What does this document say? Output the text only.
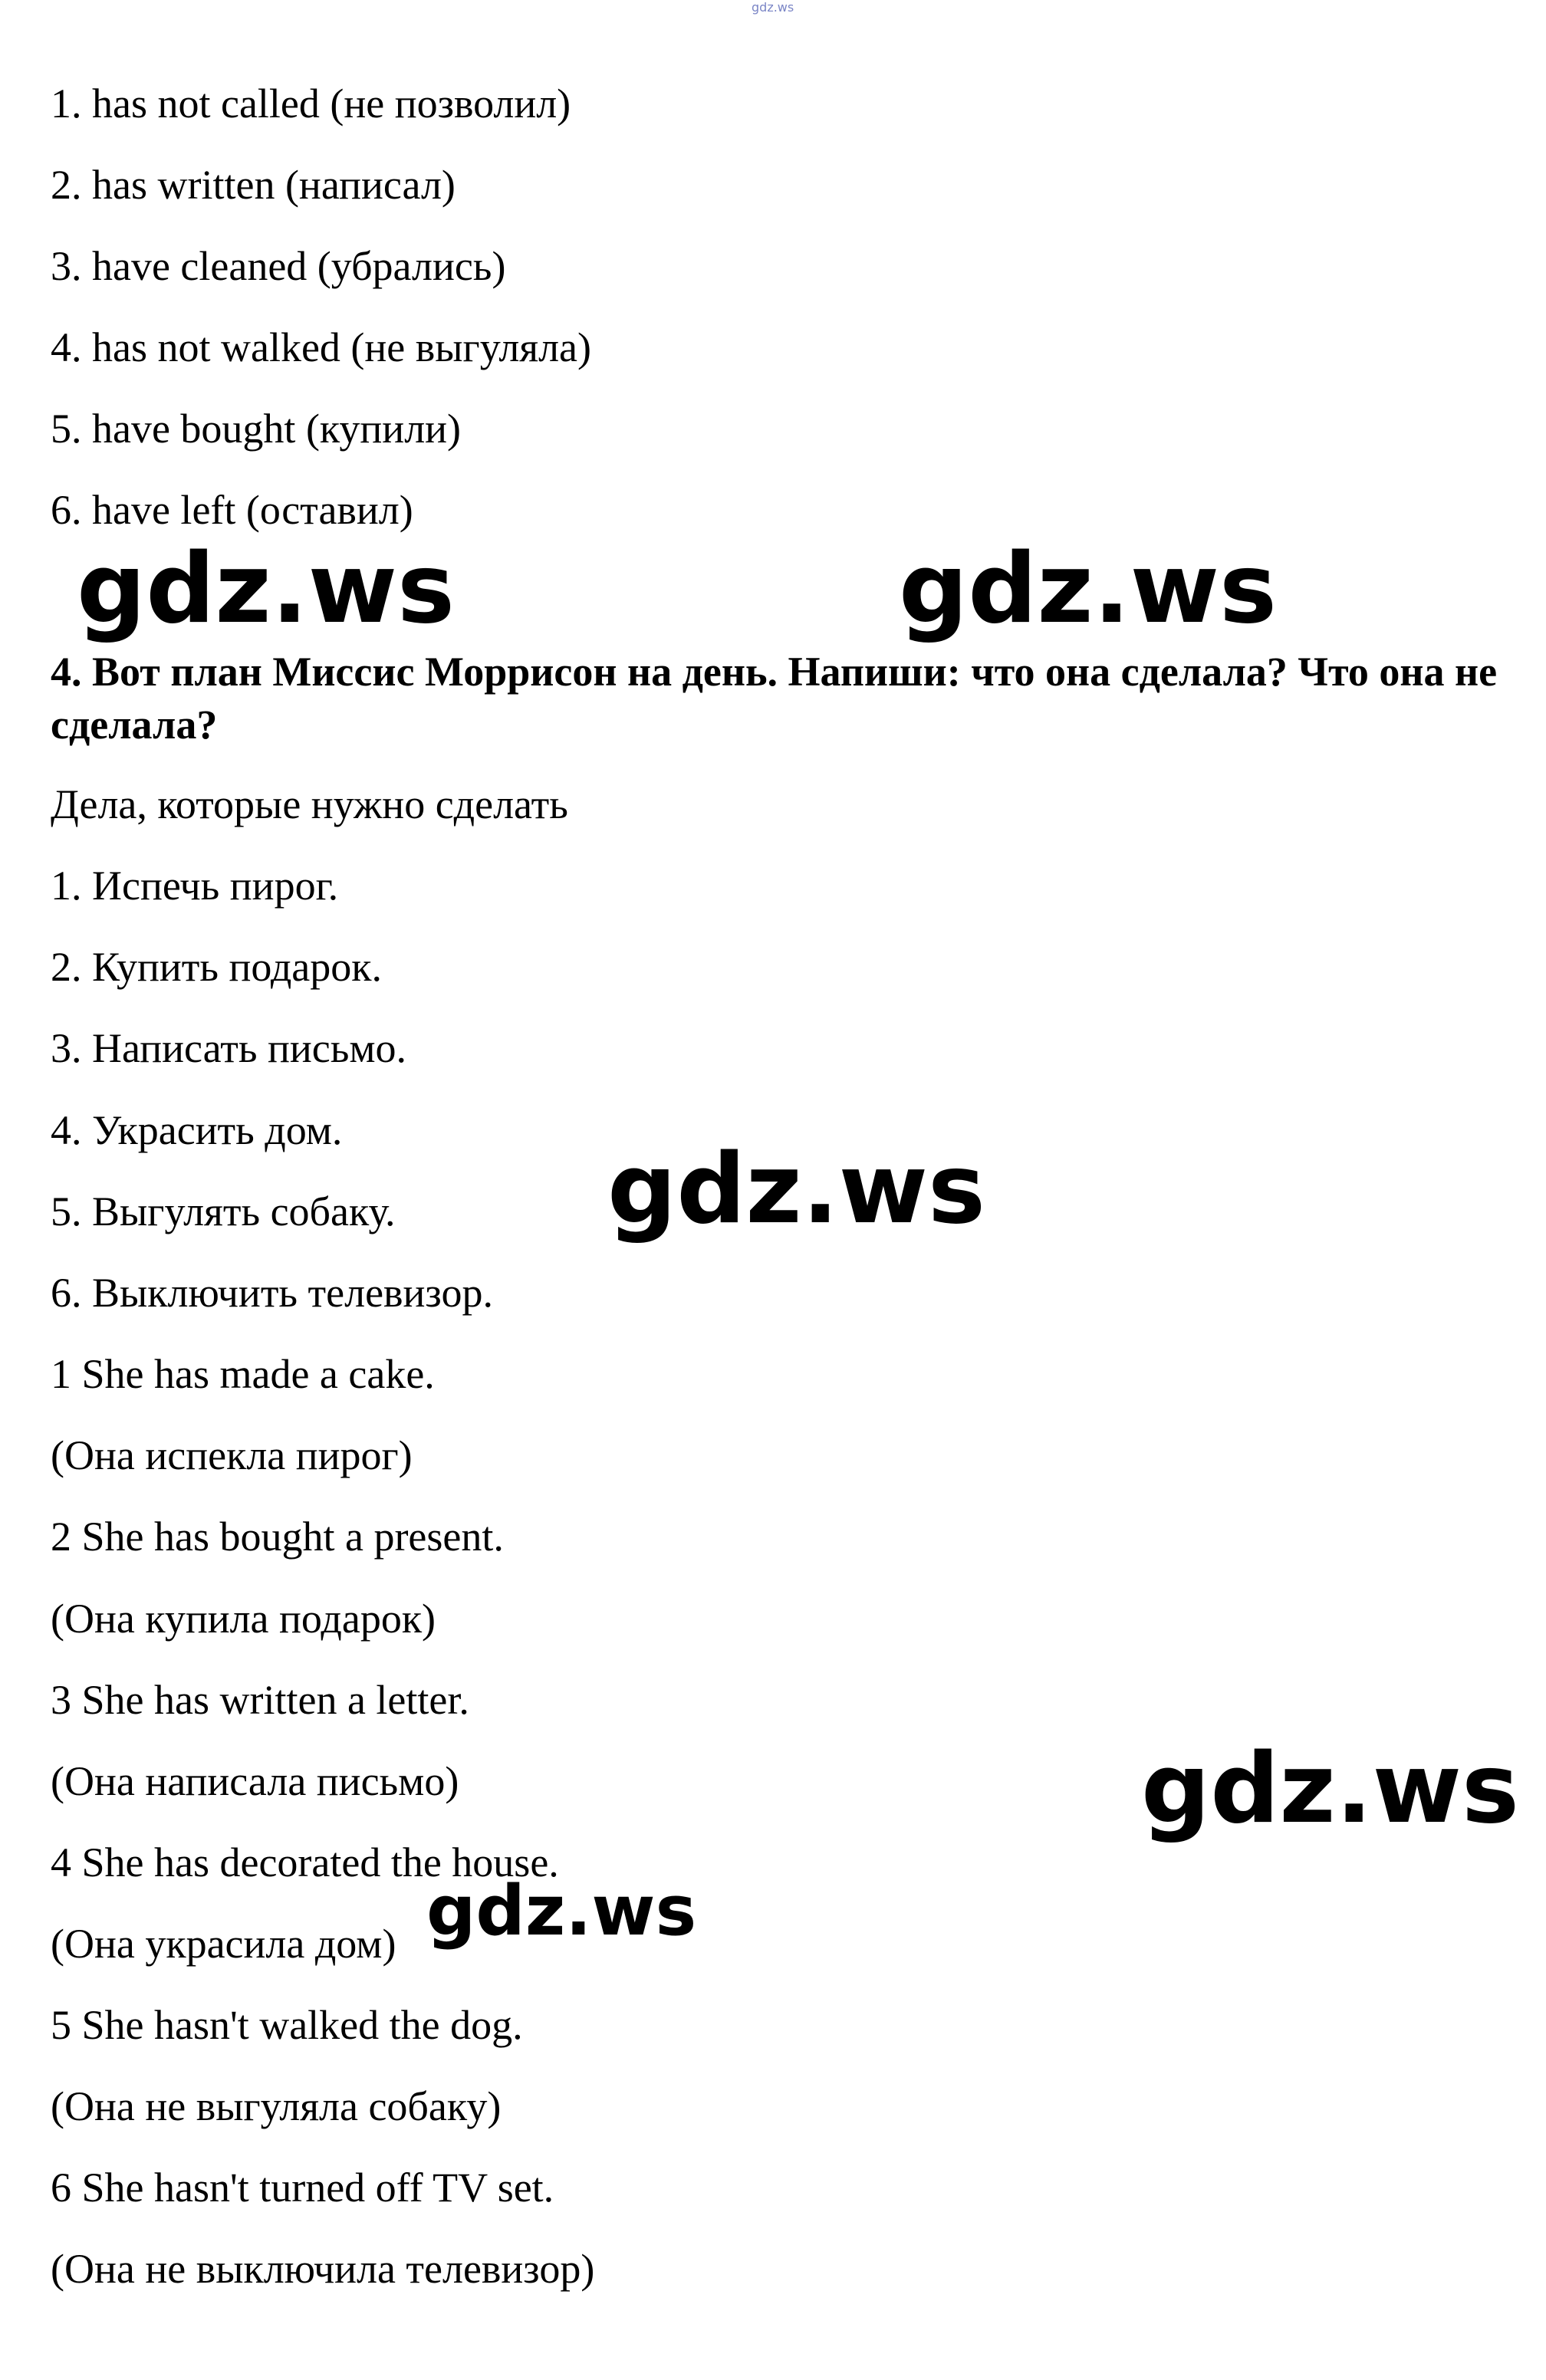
gdz.ws
1. has not called (не позволил)
2. has written (написал)
3. have cleaned (убрались)
4. has not walked (не выгуляла)
5. have bought (купили)
6. have left (оставил)
gdz.ws	gdz.ws
4. Вот план Миссис Моррисон на день. Напиши: что она сделала? Что она не сделала?
Дела, которые нужно сделать
1. Испечь пирог.
2. Купить подарок.
3. Написать письмо.
4. Украсить дом.
5. Выгулять собаку.
6. Выключить телевизор.
gdz.ws
1 She has made a cake.
(Она испекла пирог)
2 She has bought a present.
(Она купила подарок)
3 She has written a letter.
(Она написала письмо)
4 She has decorated the house.
(Она украсила дом)
5 She hasn't walked the dog.
(Она не выгуляла собаку)
6 She hasn't turned off TV set.
(Она не выключила телевизор)
gdz.ws
gdz.ws
